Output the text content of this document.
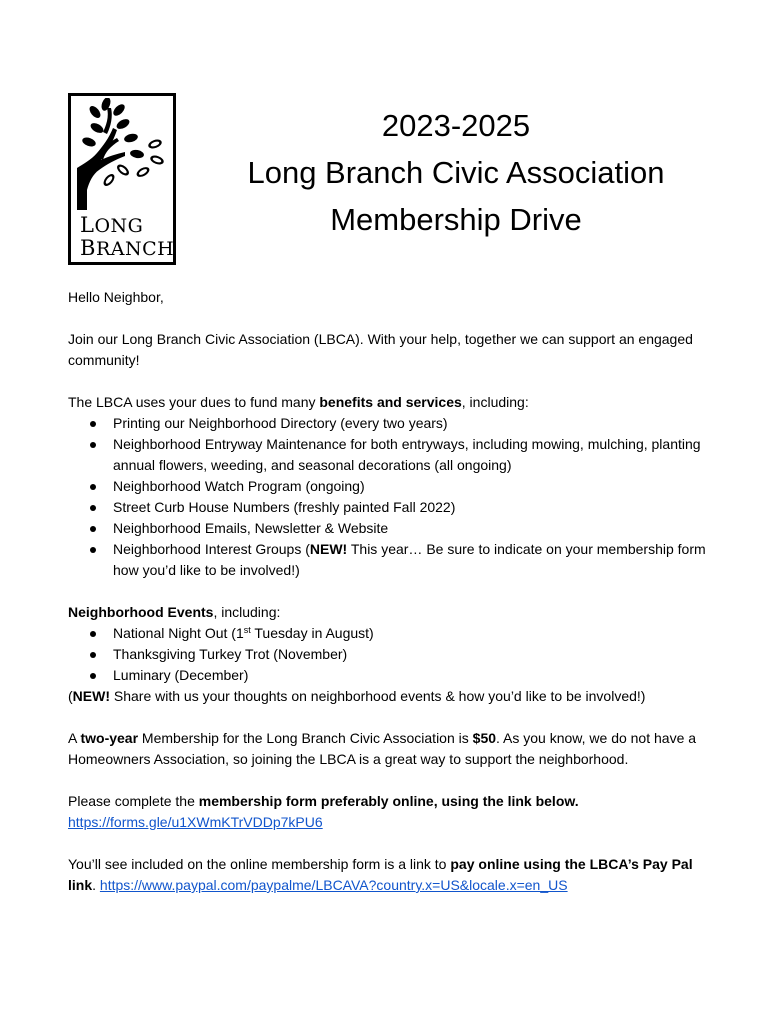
LONG
BRANCH
2023-2025
Long Branch Civic Association
Membership Drive

Hello Neighbor,

Join our Long Branch Civic Association (LBCA). With your help, together we can support an engaged community!

The LBCA uses your dues to fund many benefits and services, including:

Printing our Neighborhood Directory (every two years)
Neighborhood Entryway Maintenance for both entryways, including mowing, mulching, planting annual flowers, weeding, and seasonal decorations (all ongoing)
Neighborhood Watch Program (ongoing)
Street Curb House Numbers (freshly painted Fall 2022)
Neighborhood Emails, Newsletter & Website
Neighborhood Interest Groups (NEW! This year… Be sure to indicate on your membership form how you’d like to be involved!)

Neighborhood Events, including:

National Night Out (1st Tuesday in August)
Thanksgiving Turkey Trot (November)
Luminary (December)

(NEW! Share with us your thoughts on neighborhood events & how you’d like to be involved!)

A two-year Membership for the Long Branch Civic Association is $50. As you know, we do not have a Homeowners Association, so joining the LBCA is a great way to support the neighborhood.

Please complete the membership form preferably online, using the link below.

https://forms.gle/u1XWmKTrVDDp7kPU6

You’ll see included on the online membership form is a link to pay online using the LBCA’s Pay Pal link. https://www.paypal.com/paypalme/LBCAVA?country.x=US&locale.x=en_US
